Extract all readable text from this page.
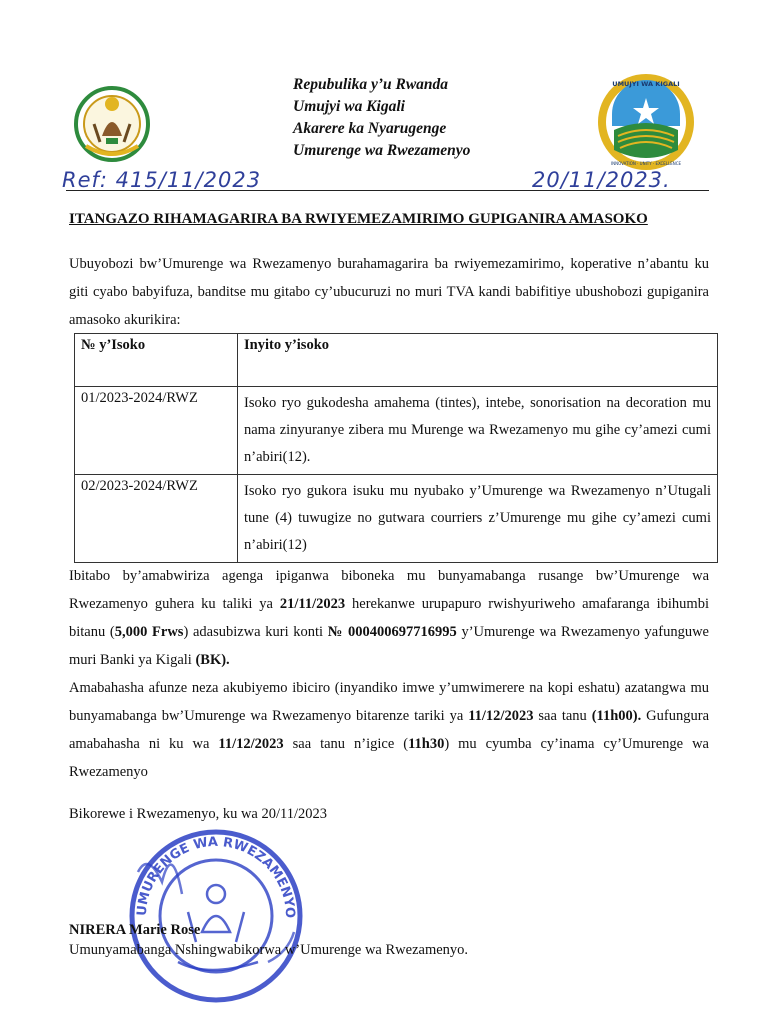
UMUJYI WA KIGALI
INNOVATION · UNITY · EXCELLENCE
Repubulika y’u Rwanda
Umujyi wa Kigali
Akarere ka Nyarugenge
Umurenge wa Rwezamenyo
Ref: 415/11/2023	20/11/2023.
ITANGAZO RIHAMAGARIRA BA RWIYEMEZAMIRIMO GUPIGANIRA AMASOKO
Ubuyobozi bw’Umurenge wa Rwezamenyo burahamagarira ba rwiyemezamirimo, koperative n’abantu ku giti cyabo babyifuza, banditse mu gitabo cy’ubucuruzi no muri TVA kandi babifitiye ubushobozi gupiganira amasoko akurikira:
№ y’Isoko	Inyito y’isoko
01/2023-2024/RWZ	Isoko ryo gukodesha amahema (tintes), intebe, sonorisation na decoration mu nama zinyuranye zibera mu Murenge wa Rwezamenyo mu gihe cy’amezi cumi n’abiri(12).
02/2023-2024/RWZ	Isoko ryo gukora isuku mu nyubako y’Umurenge wa Rwezamenyo n’Utugali tune (4) tuwugize no gutwara courriers z’Umurenge mu gihe cy’amezi cumi n’abiri(12)
Ibitabo by’amabwiriza agenga ipiganwa biboneka mu bunyamabanga rusange bw’Umurenge wa Rwezamenyo guhera ku taliki ya 21/11/2023 herekanwe urupapuro rwishyuriweho amafaranga ibihumbi bitanu (5,000 Frws) adasubizwa kuri konti № 000400697716995 y’Umurenge wa Rwezamenyo yafunguwe muri Banki ya Kigali (BK).
Amabahasha afunze neza akubiyemo ibiciro (inyandiko imwe y’umwimerere na kopi eshatu) azatangwa mu bunyamabanga bw’Umurenge wa Rwezamenyo bitarenze tariki ya 11/12/2023 saa tanu (11h00). Gufungura amabahasha ni ku wa 11/12/2023 saa tanu n’igice (11h30) mu cyumba cy’inama cy’Umurenge wa Rwezamenyo
Bikorewe i Rwezamenyo, ku wa 20/11/2023
UMURENGE WA RWEZAMENYO
NIRERA Marie Rose
Umunyamabanga Nshingwabikorwa w’Umurenge wa Rwezamenyo.
